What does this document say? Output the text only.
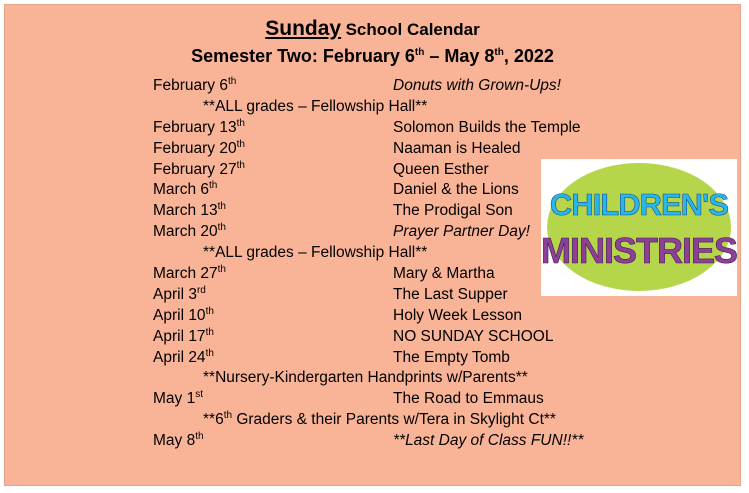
Sunday School Calendar
Semester Two: February 6th – May 8th, 2022
February 6th	Donuts with Grown-Ups!
**ALL grades – Fellowship Hall**
February 13th	Solomon Builds the Temple
February 20th	Naaman is Healed
February 27th	Queen Esther
March 6th	Daniel & the Lions
March 13th	The Prodigal Son
March 20th	Prayer Partner Day!
**ALL grades – Fellowship Hall**
March 27th	Mary & Martha
April 3rd	The Last Supper
April 10th	Holy Week Lesson
April 17th	NO SUNDAY SCHOOL
April 24th	The Empty Tomb
**Nursery-Kindergarten Handprints w/Parents**
May 1st	The Road to Emmaus
**6th Graders & their Parents w/Tera in Skylight Ct**
May 8th	**Last Day of Class FUN!!**
CHILDREN'S
MINISTRIES
